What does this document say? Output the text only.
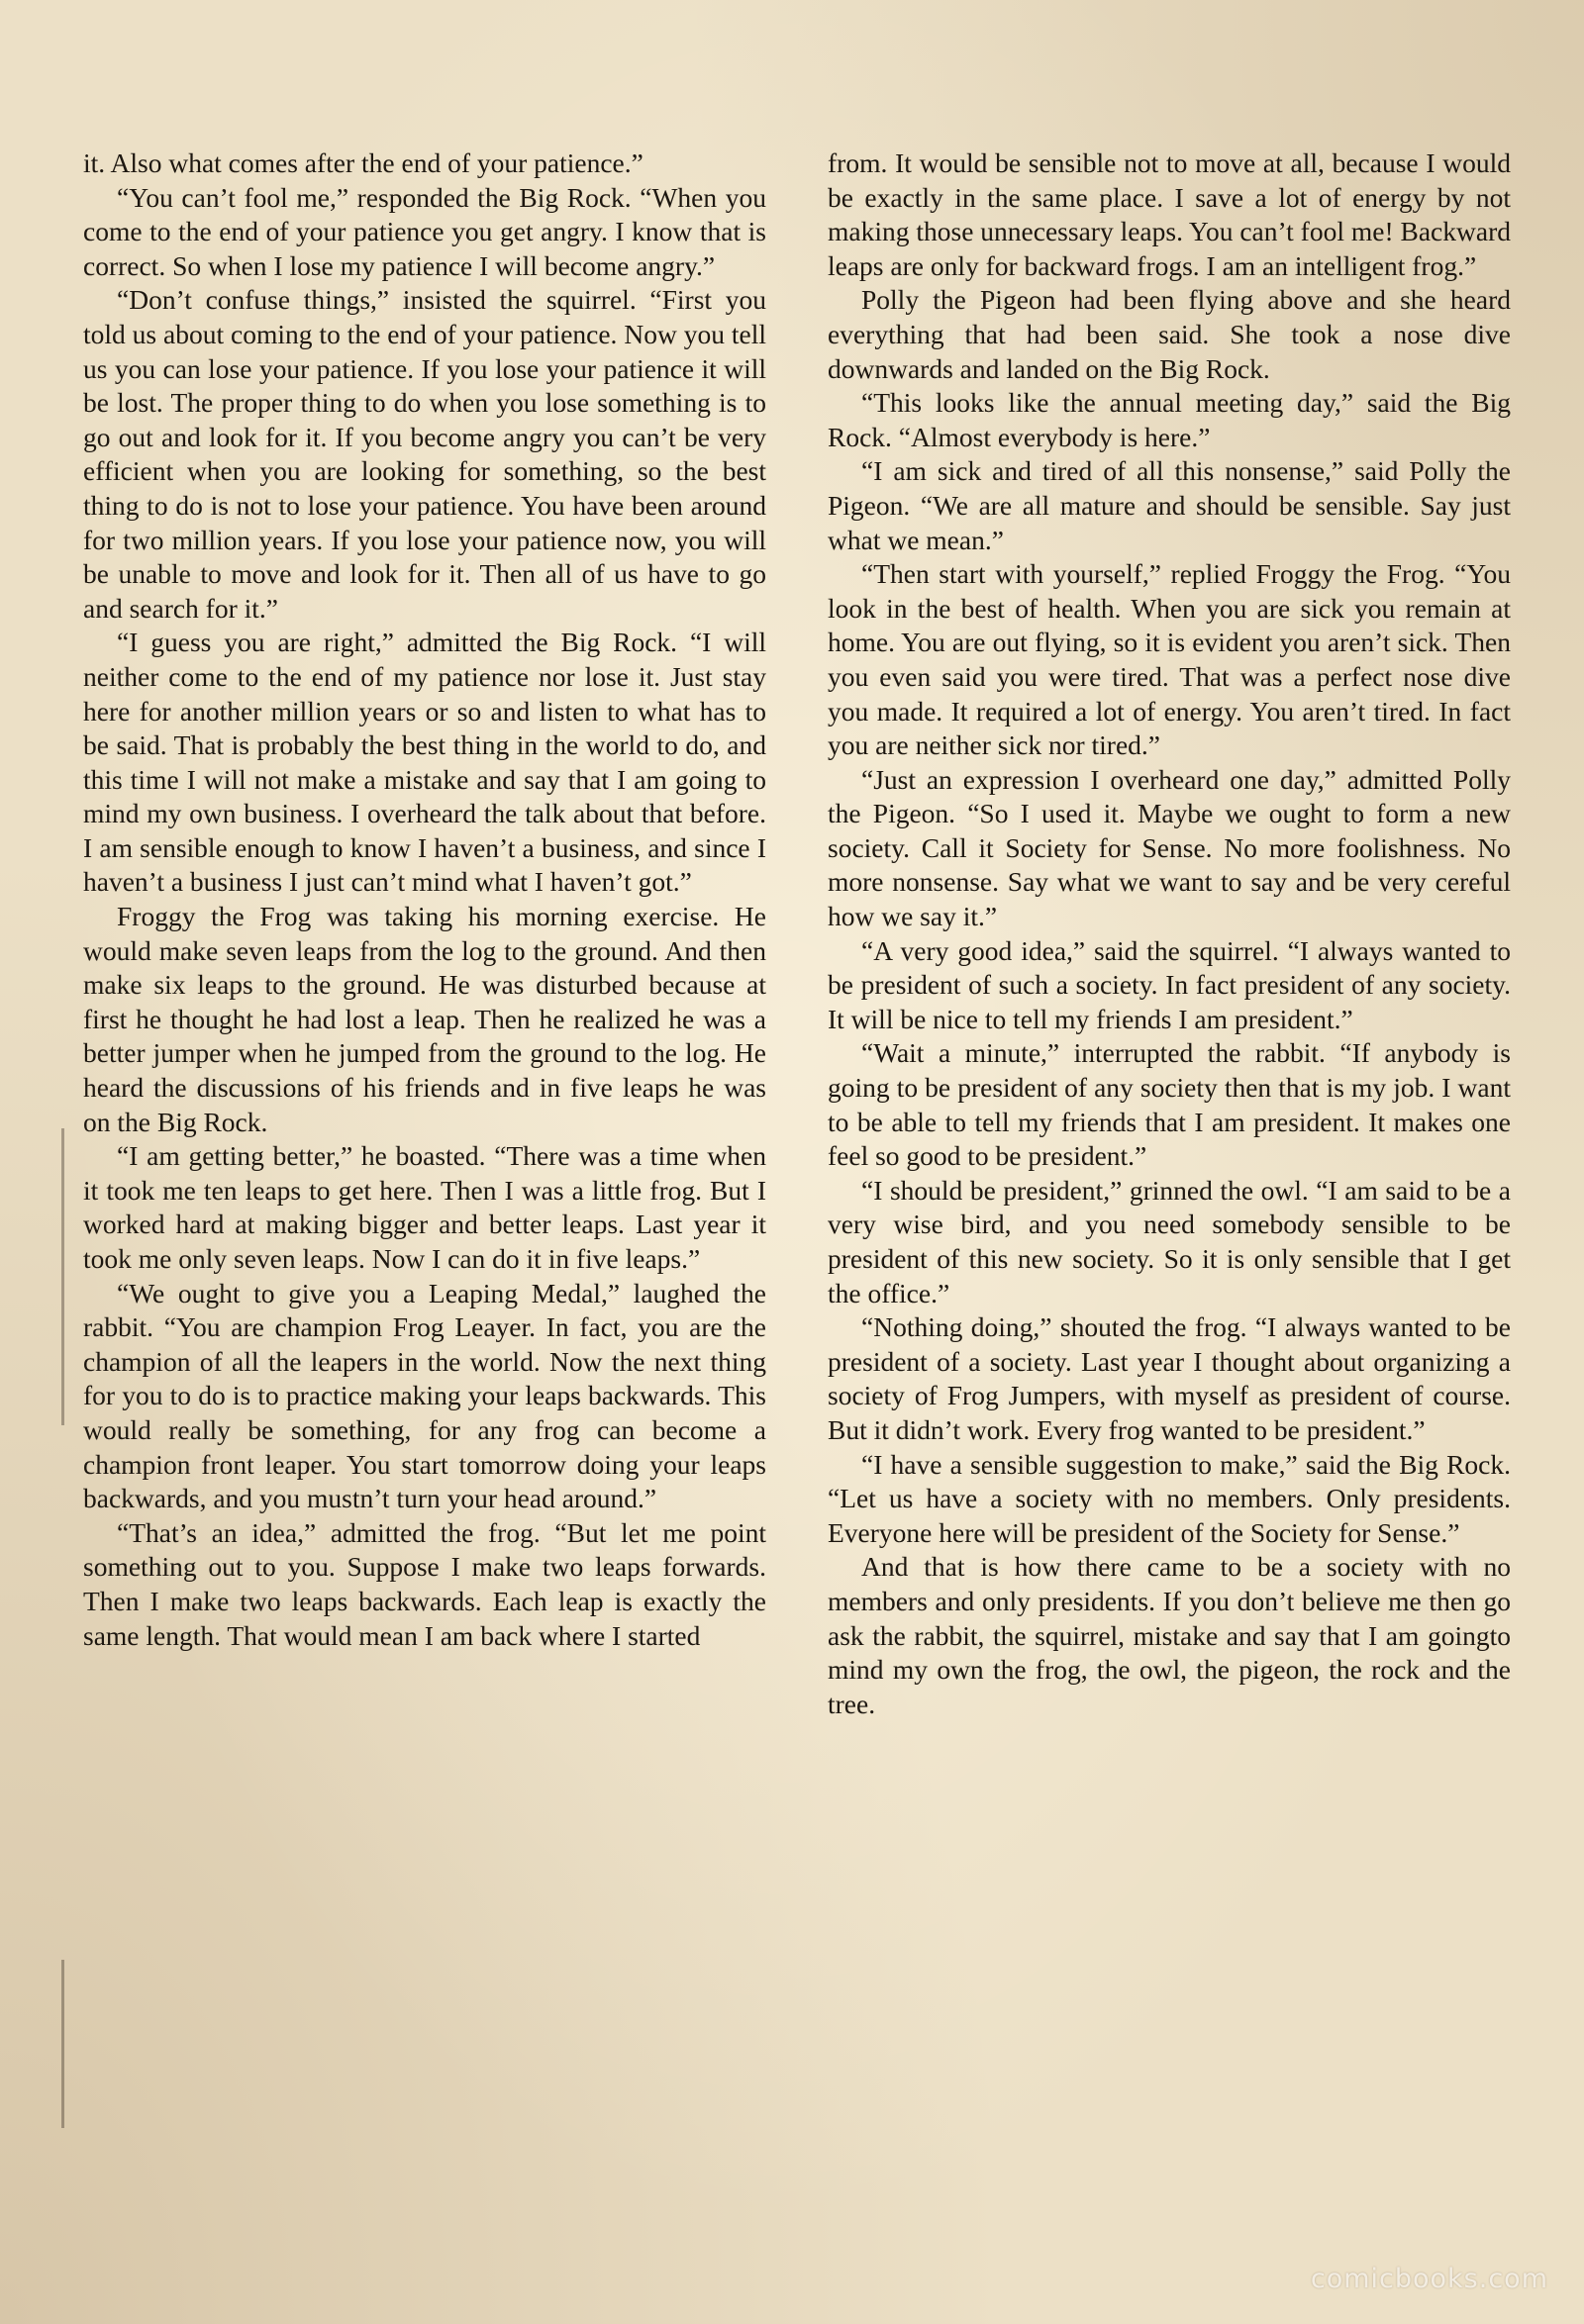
it. Also what comes after the end of your patience.”

“You can’t fool me,” responded the Big Rock. “When you come to the end of your patience you get angry. I know that is correct. So when I lose my patience I will become angry.”

“Don’t confuse things,” insisted the squirrel. “First you told us about coming to the end of your patience. Now you tell us you can lose your patience. If you lose your patience it will be lost. The proper thing to do when you lose something is to go out and look for it. If you become angry you can’t be very efficient when you are looking for something, so the best thing to do is not to lose your patience. You have been around for two million years. If you lose your patience now, you will be unable to move and look for it. Then all of us have to go and search for it.”

“I guess you are right,” admitted the Big Rock. “I will neither come to the end of my patience nor lose it. Just stay here for another million years or so and listen to what has to be said. That is probably the best thing in the world to do, and this time I will not make a mistake and say that I am going to mind my own business. I overheard the talk about that before. I am sensible enough to know I haven’t a business, and since I haven’t a business I just can’t mind what I haven’t got.”

Froggy the Frog was taking his morning exercise. He would make seven leaps from the log to the ground. And then make six leaps to the ground. He was disturbed because at first he thought he had lost a leap. Then he realized he was a better jumper when he jumped from the ground to the log. He heard the discussions of his friends and in five leaps he was on the Big Rock.

“I am getting better,” he boasted. “There was a time when it took me ten leaps to get here. Then I was a little frog. But I worked hard at making bigger and better leaps. Last year it took me only seven leaps. Now I can do it in five leaps.”

“We ought to give you a Leaping Medal,” laughed the rabbit. “You are champion Frog Leayer. In fact, you are the champion of all the leapers in the world. Now the next thing for you to do is to practice making your leaps backwards. This would really be something, for any frog can become a champion front leaper. You start tomorrow doing your leaps backwards, and you mustn’t turn your head around.”

“That’s an idea,” admitted the frog. “But let me point something out to you. Suppose I make two leaps forwards. Then I make two leaps backwards. Each leap is exactly the same length. That would mean I am back where I started

from. It would be sensible not to move at all, because I would be exactly in the same place. I save a lot of energy by not making those unnecessary leaps. You can’t fool me! Backward leaps are only for backward frogs. I am an intelligent frog.”

Polly the Pigeon had been flying above and she heard everything that had been said. She took a nose dive downwards and landed on the Big Rock.

“This looks like the annual meeting day,” said the Big Rock. “Almost everybody is here.”

“I am sick and tired of all this nonsense,” said Polly the Pigeon. “We are all mature and should be sensible. Say just what we mean.”

“Then start with yourself,” replied Froggy the Frog. “You look in the best of health. When you are sick you remain at home. You are out flying, so it is evident you aren’t sick. Then you even said you were tired. That was a perfect nose dive you made. It required a lot of energy. You aren’t tired. In fact you are neither sick nor tired.”

“Just an expression I overheard one day,” admitted Polly the Pigeon. “So I used it. Maybe we ought to form a new society. Call it Society for Sense. No more foolishness. No more nonsense. Say what we want to say and be very cereful how we say it.”

“A very good idea,” said the squirrel. “I always wanted to be president of such a society. In fact president of any society. It will be nice to tell my friends I am president.”

“Wait a minute,” interrupted the rabbit. “If anybody is going to be president of any society then that is my job. I want to be able to tell my friends that I am president. It makes one feel so good to be president.”

“I should be president,” grinned the owl. “I am said to be a very wise bird, and you need somebody sensible to be president of this new society. So it is only sensible that I get the office.”

“Nothing doing,” shouted the frog. “I always wanted to be president of a society. Last year I thought about organizing a society of Frog Jumpers, with myself as president of course. But it didn’t work. Every frog wanted to be president.”

“I have a sensible suggestion to make,” said the Big Rock. “Let us have a society with no members. Only presidents. Everyone here will be president of the Society for Sense.”

And that is how there came to be a society with no members and only presidents. If you don’t believe me then go ask the rabbit, the squirrel, mistake and say that I am goingto mind my own the frog, the owl, the pigeon, the rock and the tree.

comicbooks.com
